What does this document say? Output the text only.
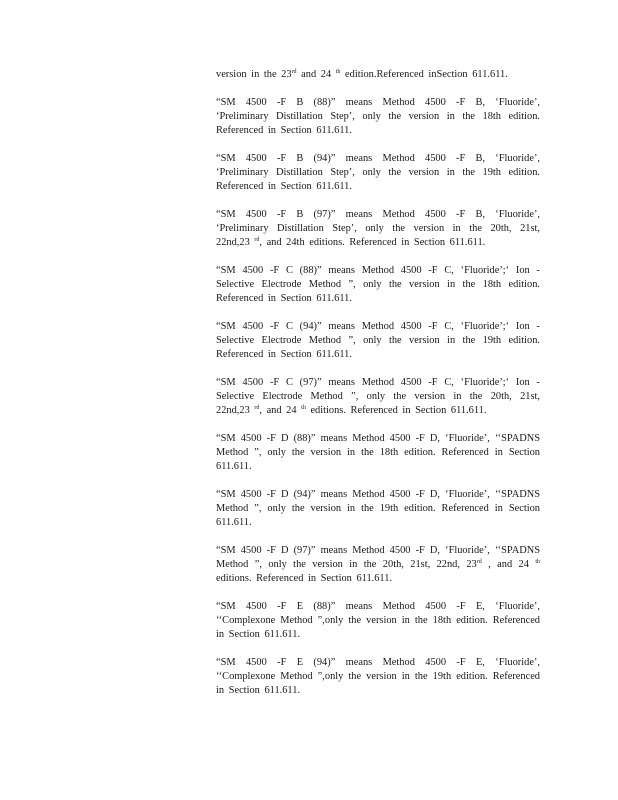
version in the 23rd and 24 $^{th}$ edition.Referenced inSection 611.611.

“SM 4500 -F B (88)” means Method 4500 -F B, ‘Fluoride’, ‘Preliminary Distillation Step’, only the version in the 18th edition. Referenced in Section 611.611.

“SM 4500 -F B (94)” means Method 4500 -F B, ‘Fluoride’, ‘Preliminary Distillation Step’, only the version in the 19th edition. Referenced in Section 611.611.

“SM 4500 -F B (97)” means Method 4500 -F B, ‘Fluoride’, ‘Preliminary Distillation Step’, only the version in the 20th, 21st, 22nd,23 $^{rd}$, and 24th editions. Referenced in Section 611.611.

“SM 4500 -F C (88)” means Method 4500 -F C, ‘Fluoride’;‘ Ion - Selective Electrode Method ”, only the version in the 18th edition. Referenced in Section 611.611.

“SM 4500 -F C (94)” means Method 4500 -F C, ‘Fluoride’;‘ Ion - Selective Electrode Method ”, only the version in the 19th edition. Referenced in Section 611.611.

“SM 4500 -F C (97)” means Method 4500 -F C, ‘Fluoride’;‘ Ion - Selective Electrode Method ”, only the version in the 20th, 21st, 22nd,23 $^{rd}$, and 24 $^{th}$ editions. Referenced in Section 611.611.

“SM 4500 -F D (88)” means Method 4500 -F D, ‘Fluoride’, ‘‘SPADNS Method ”, only the version in the 18th edition. Referenced in Section 611.611.

“SM 4500 -F D (94)” means Method 4500 -F D, ‘Fluoride’, ‘‘SPADNS Method ”, only the version in the 19th edition. Referenced in Section 611.611.

“SM 4500 -F D (97)” means Method 4500 -F D, ‘Fluoride’, ‘‘SPADNS Method ”, only the version in the 20th, 21st, 22nd, 23rd , and 24 $^{th}$ editions. Referenced in Section 611.611.

“SM 4500 -F E (88)” means Method 4500 -F E, ‘Fluoride’, ‘‘Complexone Method ”,only the version in the 18th edition. Referenced in Section 611.611.

“SM 4500 -F E (94)” means Method 4500 -F E, ‘Fluoride’, ‘‘Complexone Method ”,only the version in the 19th edition. Referenced in Section 611.611.
